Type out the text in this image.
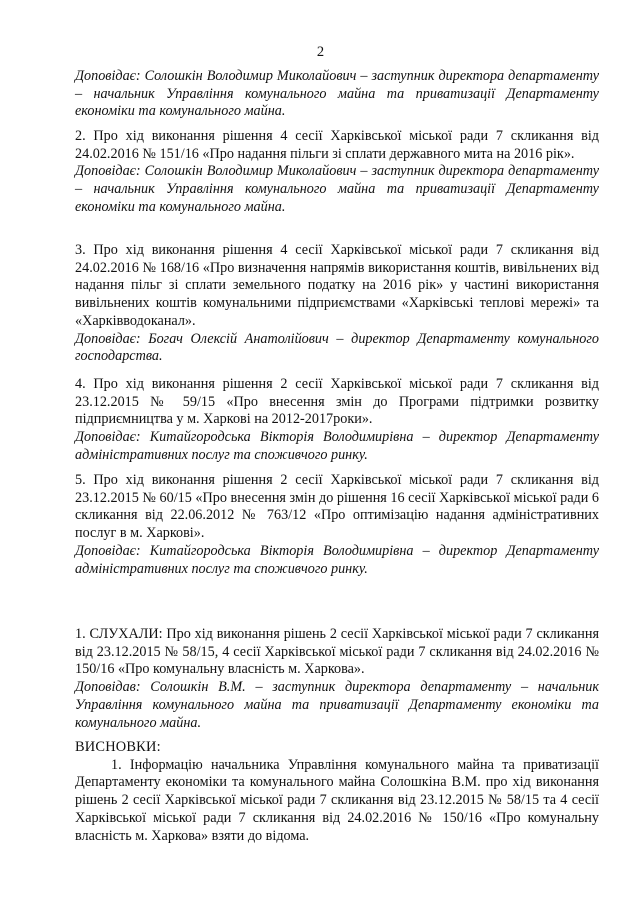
2

Доповідає: Солошкін Володимир Миколайович – заступник директора департаменту – начальник Управління комунального майна та приватизації Департаменту економіки та комунального майна.

2. Про хід виконання рішення 4 сесії Харківської міської ради 7 скликання від 24.02.2016 № 151/16 «Про надання пільги зі сплати державного мита на 2016 рік».

Доповідає: Солошкін Володимир Миколайович – заступник директора департаменту – начальник Управління комунального майна та приватизації Департаменту економіки та комунального майна.

3. Про хід виконання рішення 4 сесії Харківської міської ради 7 скликання від 24.02.2016 № 168/16 «Про визначення напрямів використання коштів, вивільнених від надання пільг зі сплати земельного податку на 2016 рік» у частині використання вивільнених коштів комунальними підприємствами «Харківські теплові мережі» та «Харківводоканал».

Доповідає: Богач Олексій Анатолійович – директор Департаменту комунального господарства.

4. Про хід виконання рішення 2 сесії Харківської міської ради 7 скликання від 23.12.2015 № 59/15 «Про внесення змін до Програми підтримки розвитку підприємництва у м. Харкові на 2012-2017роки».

Доповідає: Китайгородська Вікторія Володимирівна – директор Департаменту адміністративних послуг та споживчого ринку.

5. Про хід виконання рішення 2 сесії Харківської міської ради 7 скликання від 23.12.2015 № 60/15 «Про внесення змін до рішення 16 сесії Харківської міської ради 6 скликання від 22.06.2012 № 763/12 «Про оптимізацію надання адміністративних послуг в м. Харкові».

Доповідає: Китайгородська Вікторія Володимирівна – директор Департаменту адміністративних послуг та споживчого ринку.

1. СЛУХАЛИ: Про хід виконання рішень 2 сесії Харківської міської ради 7 скликання від 23.12.2015 № 58/15, 4 сесії Харківської міської ради 7 скликання від 24.02.2016 № 150/16 «Про комунальну власність м. Харкова».

Доповідав: Солошкін В.М. – заступник директора департаменту – начальник Управління комунального майна та приватизації Департаменту економіки та комунального майна.

ВИСНОВКИ:

1. Інформацію начальника Управління комунального майна та приватизації Департаменту економіки та комунального майна Солошкіна В.М. про хід виконання рішень 2 сесії Харківської міської ради 7 скликання від 23.12.2015 № 58/15 та 4 сесії Харківської міської ради 7 скликання від 24.02.2016 № 150/16 «Про комунальну власність м. Харкова» взяти до відома.
